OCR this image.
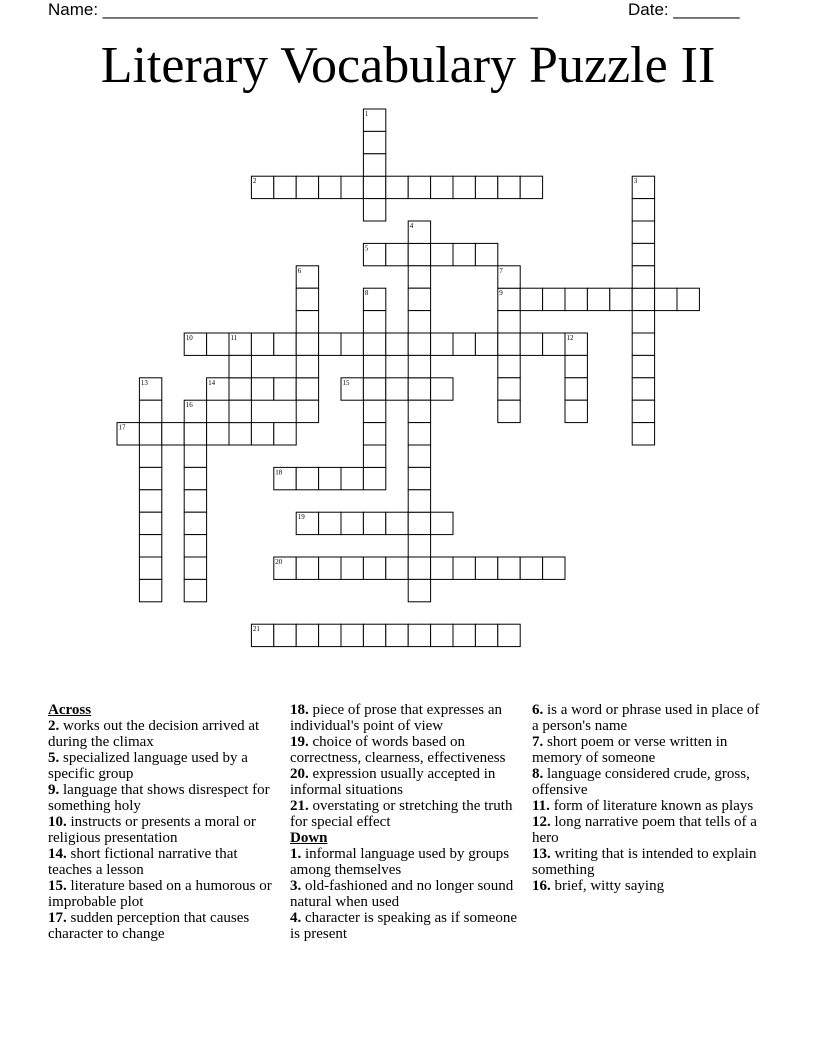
Name: ______________________________________________	Date: _______
Literary Vocabulary Puzzle II
2
5
9
10	11	12
14	15
17
18
19
20
21
1
3
4
6	7
8
13
16
Across
2. works out the decision arrived at during the climax
5. specialized language used by a specific group
9. language that shows disrespect for something holy
10. instructs or presents a moral or religious presentation
14. short fictional narrative that teaches a lesson
15. literature based on a humorous or improbable plot
17. sudden perception that causes character to change
18. piece of prose that expresses an individual's point of view
19. choice of words based on correctness, clearness, effectiveness
20. expression usually accepted in informal situations
21. overstating or stretching the truth for special effect
Down
1. informal language used by groups among themselves
3. old-fashioned and no longer sound natural when used
4. character is speaking as if someone is present
6. is a word or phrase used in place of a person's name
7. short poem or verse written in memory of someone
8. language considered crude, gross, offensive
11. form of literature known as plays
12. long narrative poem that tells of a hero
13. writing that is intended to explain something
16. brief, witty saying
